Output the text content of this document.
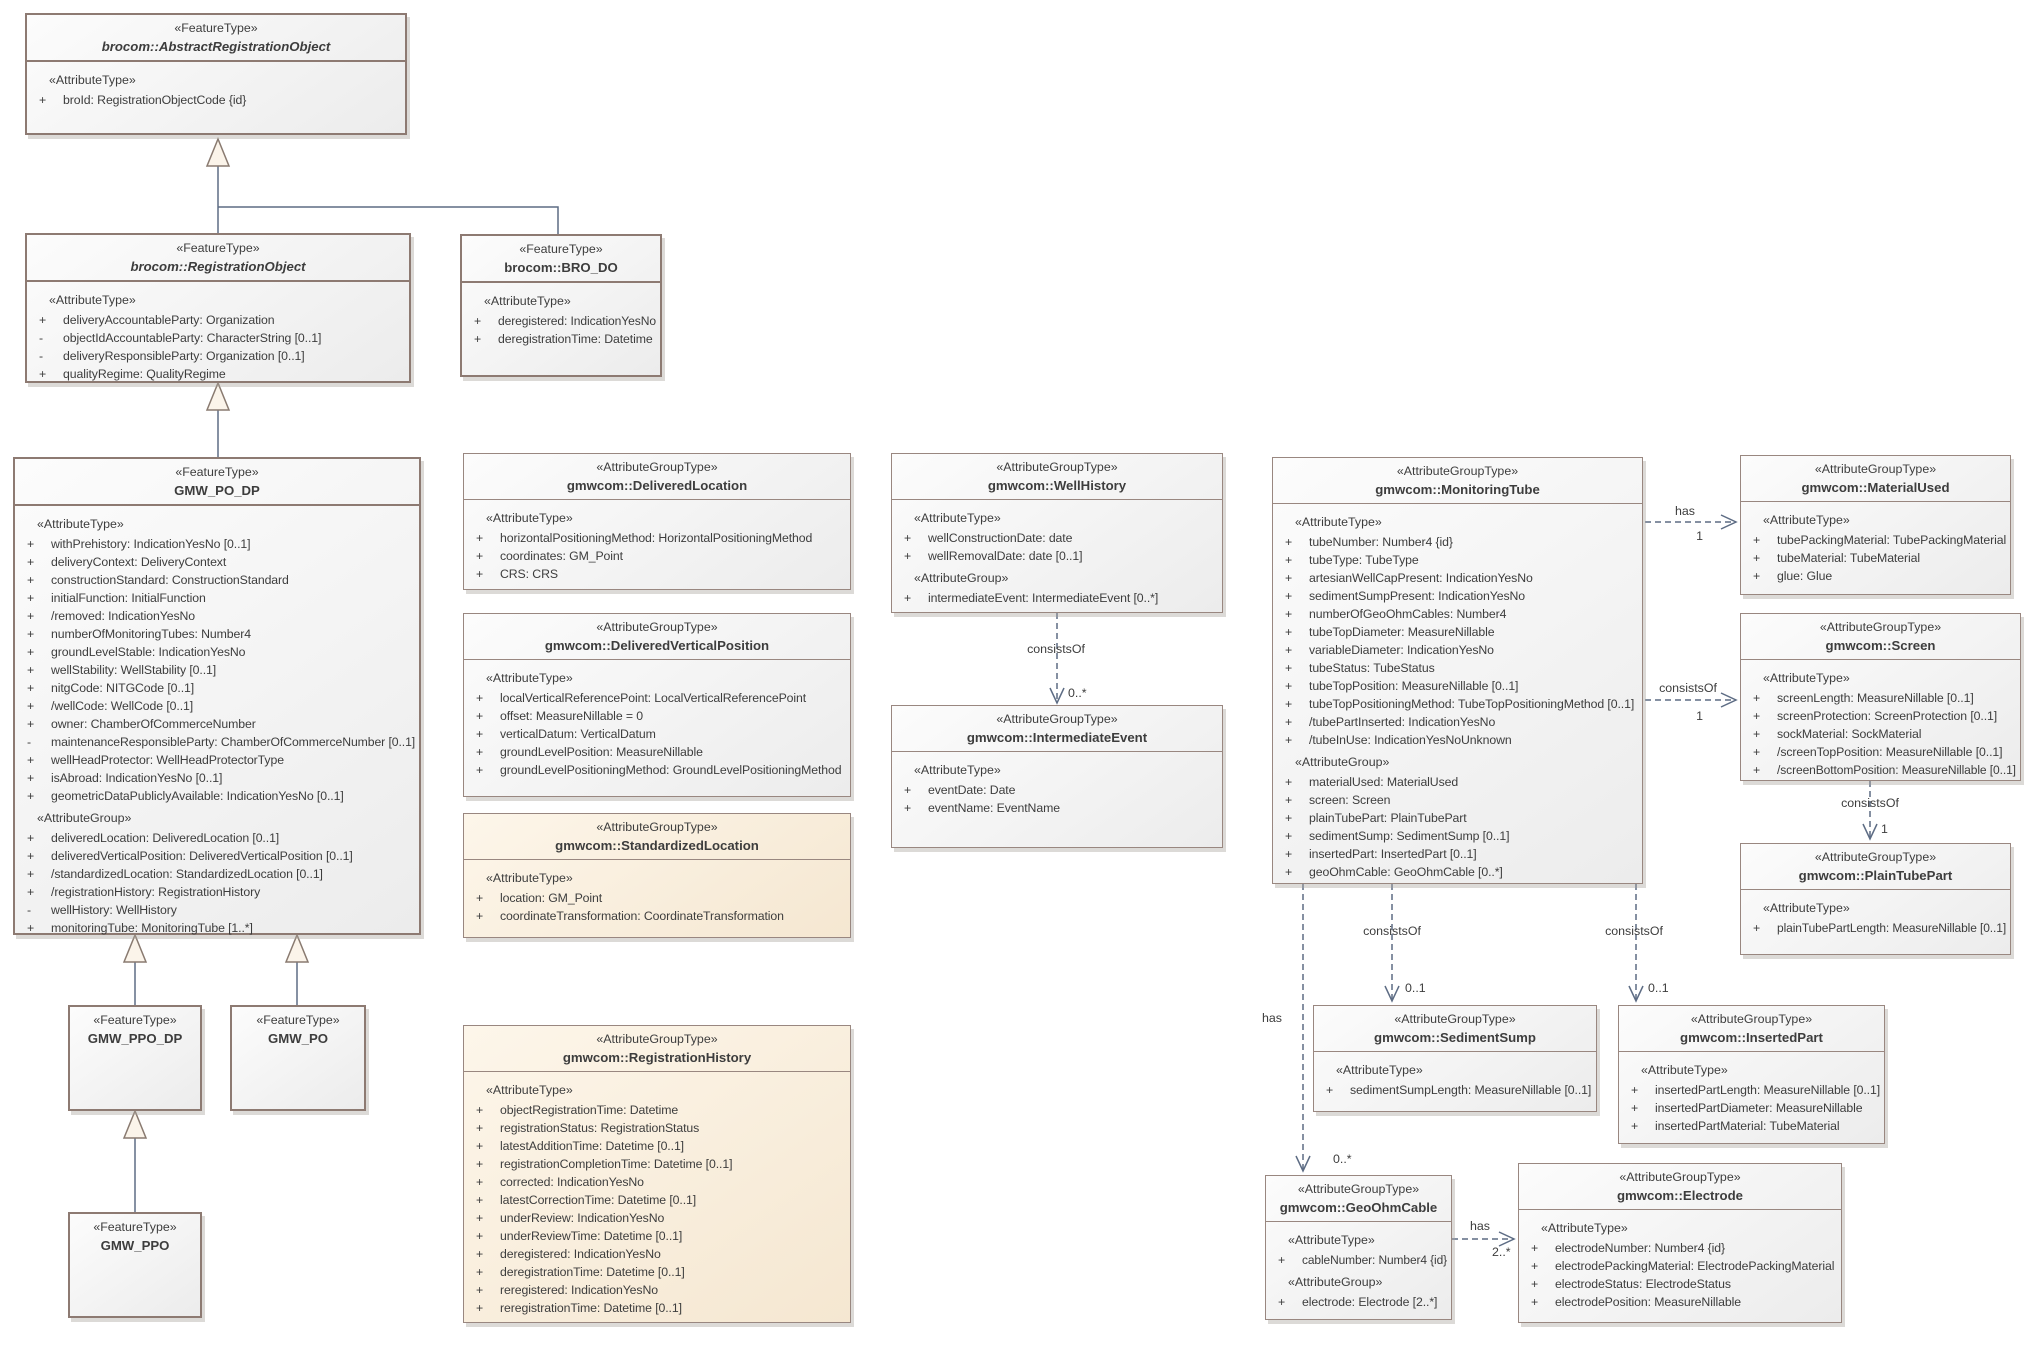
consistsOf
0..*
has
1
consistsOf
1
consistsOf
1
consistsOf
0..1
consistsOf
0..1
has
0..*
has
2..*
«FeatureType»
brocom::AbstractRegistrationObject
«AttributeType»
+	broId: RegistrationObjectCode {id}
«FeatureType»
brocom::RegistrationObject
«AttributeType»
+	deliveryAccountableParty: Organization
-	objectIdAccountableParty: CharacterString [0..1]
-	deliveryResponsibleParty: Organization [0..1]
+	qualityRegime: QualityRegime
«FeatureType»
brocom::BRO_DO
«AttributeType»
+	deregistered: IndicationYesNo
+	deregistrationTime: Datetime
«FeatureType»
GMW_PO_DP
«AttributeType»
+	withPrehistory: IndicationYesNo [0..1]
+	deliveryContext: DeliveryContext
+	constructionStandard: ConstructionStandard
+	initialFunction: InitialFunction
+	/removed: IndicationYesNo
+	numberOfMonitoringTubes: Number4
+	groundLevelStable: IndicationYesNo
+	wellStability: WellStability [0..1]
+	nitgCode: NITGCode [0..1]
+	/wellCode: WellCode [0..1]
+	owner: ChamberOfCommerceNumber
-	maintenanceResponsibleParty: ChamberOfCommerceNumber [0..1]
+	wellHeadProtector: WellHeadProtectorType
+	isAbroad: IndicationYesNo [0..1]
+	geometricDataPubliclyAvailable: IndicationYesNo [0..1]
«AttributeGroup»
+	deliveredLocation: DeliveredLocation [0..1]
+	deliveredVerticalPosition: DeliveredVerticalPosition [0..1]
+	/standardizedLocation: StandardizedLocation [0..1]
+	/registrationHistory: RegistrationHistory
-	wellHistory: WellHistory
+	monitoringTube: MonitoringTube [1..*]
«FeatureType»
GMW_PPO_DP
«FeatureType»
GMW_PO
«FeatureType»
GMW_PPO
«AttributeGroupType»
gmwcom::DeliveredLocation
«AttributeType»
+	horizontalPositioningMethod: HorizontalPositioningMethod
+	coordinates: GM_Point
+	CRS: CRS
«AttributeGroupType»
gmwcom::DeliveredVerticalPosition
«AttributeType»
+	localVerticalReferencePoint: LocalVerticalReferencePoint
+	offset: MeasureNillable = 0
+	verticalDatum: VerticalDatum
+	groundLevelPosition: MeasureNillable
+	groundLevelPositioningMethod: GroundLevelPositioningMethod
«AttributeGroupType»
gmwcom::StandardizedLocation
«AttributeType»
+	location: GM_Point
+	coordinateTransformation: CoordinateTransformation
«AttributeGroupType»
gmwcom::RegistrationHistory
«AttributeType»
+	objectRegistrationTime: Datetime
+	registrationStatus: RegistrationStatus
+	latestAdditionTime: Datetime [0..1]
+	registrationCompletionTime: Datetime [0..1]
+	corrected: IndicationYesNo
+	latestCorrectionTime: Datetime [0..1]
+	underReview: IndicationYesNo
+	underReviewTime: Datetime [0..1]
+	deregistered: IndicationYesNo
+	deregistrationTime: Datetime [0..1]
+	reregistered: IndicationYesNo
+	reregistrationTime: Datetime [0..1]
«AttributeGroupType»
gmwcom::WellHistory
«AttributeType»
+	wellConstructionDate: date
+	wellRemovalDate: date [0..1]
«AttributeGroup»
+	intermediateEvent: IntermediateEvent [0..*]
«AttributeGroupType»
gmwcom::IntermediateEvent
«AttributeType»
+	eventDate: Date
+	eventName: EventName
«AttributeGroupType»
gmwcom::MonitoringTube
«AttributeType»
+	tubeNumber: Number4 {id}
+	tubeType: TubeType
+	artesianWellCapPresent: IndicationYesNo
+	sedimentSumpPresent: IndicationYesNo
+	numberOfGeoOhmCables: Number4
+	tubeTopDiameter: MeasureNillable
+	variableDiameter: IndicationYesNo
+	tubeStatus: TubeStatus
+	tubeTopPosition: MeasureNillable [0..1]
+	tubeTopPositioningMethod: TubeTopPositioningMethod [0..1]
+	/tubePartInserted: IndicationYesNo
+	/tubeInUse: IndicationYesNoUnknown
«AttributeGroup»
+	materialUsed: MaterialUsed
+	screen: Screen
+	plainTubePart: PlainTubePart
+	sedimentSump: SedimentSump [0..1]
+	insertedPart: InsertedPart [0..1]
+	geoOhmCable: GeoOhmCable [0..*]
«AttributeGroupType»
gmwcom::MaterialUsed
«AttributeType»
+	tubePackingMaterial: TubePackingMaterial
+	tubeMaterial: TubeMaterial
+	glue: Glue
«AttributeGroupType»
gmwcom::Screen
«AttributeType»
+	screenLength: MeasureNillable [0..1]
+	screenProtection: ScreenProtection [0..1]
+	sockMaterial: SockMaterial
+	/screenTopPosition: MeasureNillable [0..1]
+	/screenBottomPosition: MeasureNillable [0..1]
«AttributeGroupType»
gmwcom::PlainTubePart
«AttributeType»
+	plainTubePartLength: MeasureNillable [0..1]
«AttributeGroupType»
gmwcom::SedimentSump
«AttributeType»
+	sedimentSumpLength: MeasureNillable [0..1]
«AttributeGroupType»
gmwcom::InsertedPart
«AttributeType»
+	insertedPartLength: MeasureNillable [0..1]
+	insertedPartDiameter: MeasureNillable
+	insertedPartMaterial: TubeMaterial
«AttributeGroupType»
gmwcom::GeoOhmCable
«AttributeType»
+	cableNumber: Number4 {id}
«AttributeGroup»
+	electrode: Electrode [2..*]
«AttributeGroupType»
gmwcom::Electrode
«AttributeType»
+	electrodeNumber: Number4 {id}
+	electrodePackingMaterial: ElectrodePackingMaterial
+	electrodeStatus: ElectrodeStatus
+	electrodePosition: MeasureNillable
